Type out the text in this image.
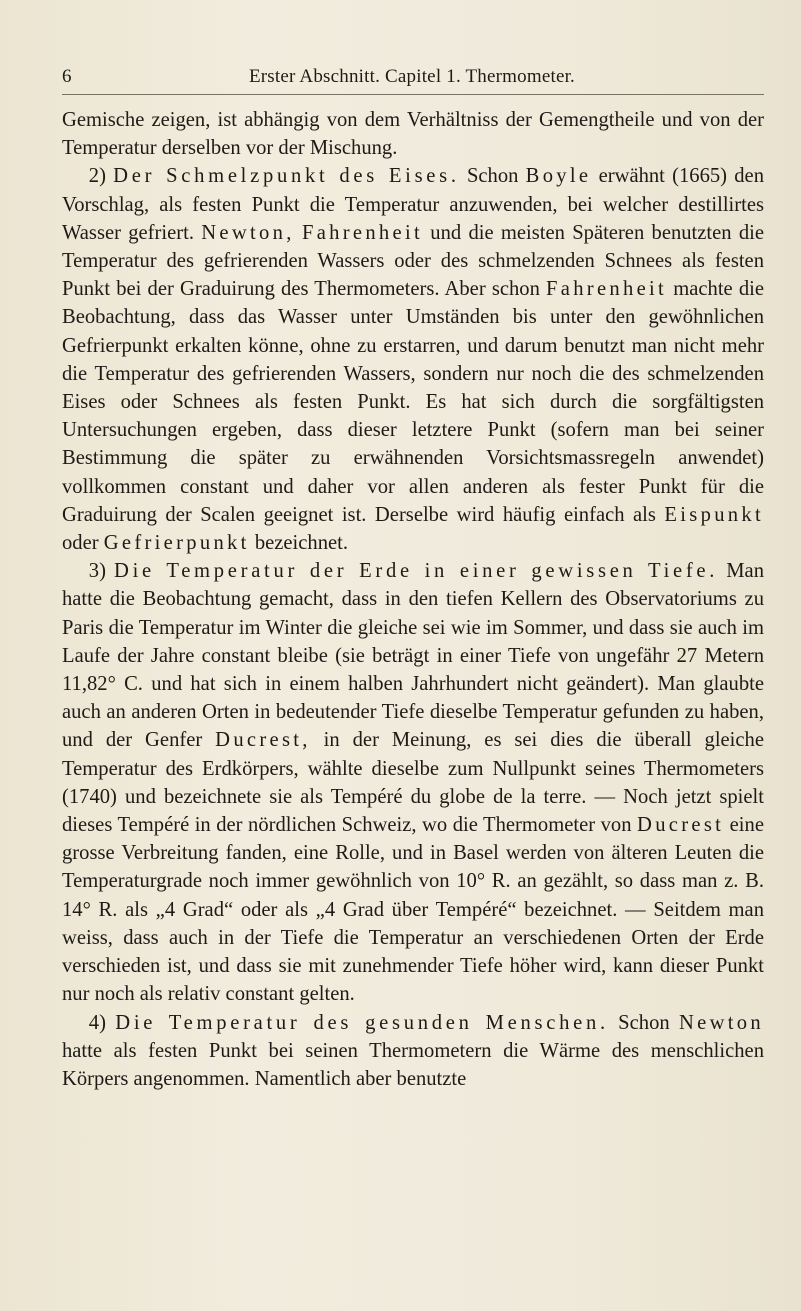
6	Erster Abschnitt. Capitel 1. Thermometer.

Gemische zeigen, ist abhängig von dem Verhältniss der Gemengtheile und von der Temperatur derselben vor der Mischung.

2) Der Schmelzpunkt des Eises. Schon Boyle erwähnt (1665) den Vorschlag, als festen Punkt die Temperatur anzuwenden, bei welcher destillirtes Wasser gefriert. Newton, Fahrenheit und die meisten Späteren benutzten die Temperatur des gefrierenden Wassers oder des schmelzenden Schnees als festen Punkt bei der Graduirung des Thermometers. Aber schon Fahrenheit machte die Beobachtung, dass das Wasser unter Umständen bis unter den gewöhnlichen Gefrierpunkt erkalten könne, ohne zu erstarren, und darum benutzt man nicht mehr die Temperatur des gefrierenden Wassers, sondern nur noch die des schmelzenden Eises oder Schnees als festen Punkt. Es hat sich durch die sorgfältigsten Untersuchungen ergeben, dass dieser letztere Punkt (sofern man bei seiner Bestimmung die später zu erwähnenden Vorsichtsmassregeln anwendet) vollkommen constant und daher vor allen anderen als fester Punkt für die Graduirung der Scalen geeignet ist. Derselbe wird häufig einfach als Eispunkt oder Gefrierpunkt bezeichnet.

3) Die Temperatur der Erde in einer gewissen Tiefe. Man hatte die Beobachtung gemacht, dass in den tiefen Kellern des Observatoriums zu Paris die Temperatur im Winter die gleiche sei wie im Sommer, und dass sie auch im Laufe der Jahre constant bleibe (sie beträgt in einer Tiefe von ungefähr 27 Metern 11,82° C. und hat sich in einem halben Jahrhundert nicht geändert). Man glaubte auch an anderen Orten in bedeutender Tiefe dieselbe Temperatur gefunden zu haben, und der Genfer Ducrest, in der Meinung, es sei dies die überall gleiche Temperatur des Erdkörpers, wählte dieselbe zum Nullpunkt seines Thermometers (1740) und bezeichnete sie als Tempéré du globe de la terre. — Noch jetzt spielt dieses Tempéré in der nördlichen Schweiz, wo die Thermometer von Ducrest eine grosse Verbreitung fanden, eine Rolle, und in Basel werden von älteren Leuten die Temperaturgrade noch immer gewöhnlich von 10° R. an gezählt, so dass man z. B. 14° R. als „4 Grad“ oder als „4 Grad über Tempéré“ bezeichnet. — Seitdem man weiss, dass auch in der Tiefe die Temperatur an verschiedenen Orten der Erde verschieden ist, und dass sie mit zunehmender Tiefe höher wird, kann dieser Punkt nur noch als relativ constant gelten.

4) Die Temperatur des gesunden Menschen. Schon Newton hatte als festen Punkt bei seinen Thermometern die Wärme des menschlichen Körpers angenommen. Namentlich aber benutzte
